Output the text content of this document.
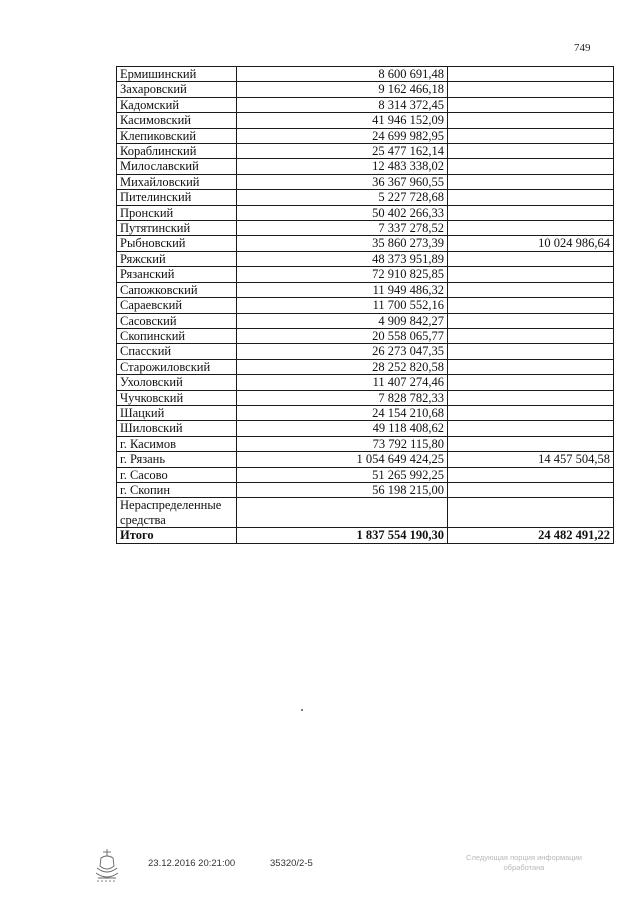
749
Ермишинский	8 600 691,48	
Захаровский	9 162 466,18	
Кадомский	8 314 372,45	
Касимовский	41 946 152,09	
Клепиковский	24 699 982,95	
Кораблинский	25 477 162,14	
Милославский	12 483 338,02	
Михайловский	36 367 960,55	
Пителинский	5 227 728,68	
Пронский	50 402 266,33	
Путятинский	7 337 278,52	
Рыбновский	35 860 273,39	10 024 986,64
Ряжский	48 373 951,89	
Рязанский	72 910 825,85	
Сапожковский	11 949 486,32	
Сараевский	11 700 552,16	
Сасовский	4 909 842,27	
Скопинский	20 558 065,77	
Спасский	26 273 047,35	
Старожиловский	28 252 820,58	
Ухоловский	11 407 274,46	
Чучковский	7 828 782,33	
Шацкий	24 154 210,68	
Шиловский	49 118 408,62	
г. Касимов	73 792 115,80	
г. Рязань	1 054 649 424,25	14 457 504,58
г. Сасово	51 265 992,25	
г. Скопин	56 198 215,00	
Нераспределенные средства		
Итого	1 837 554 190,30	24 482 491,22
23.12.2016 20:21:00	35320/2-5
Следующая порция информации
обработана
